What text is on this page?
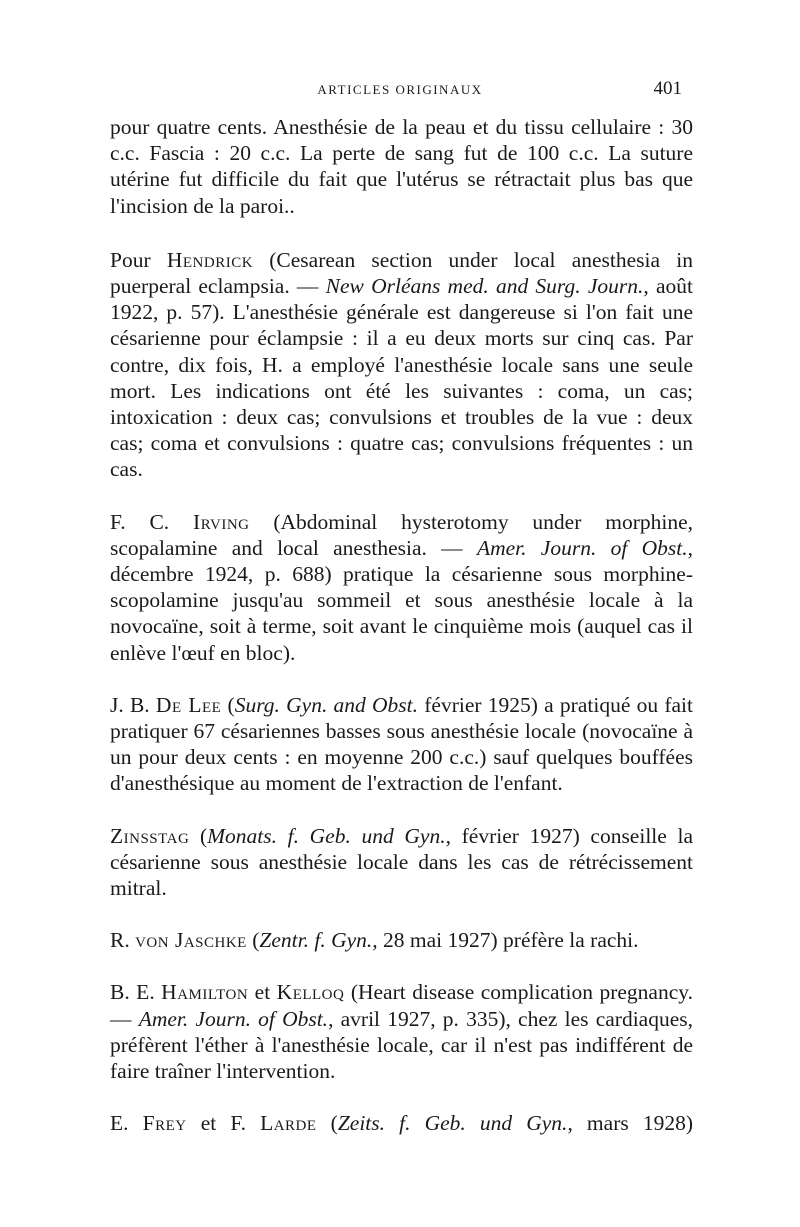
ARTICLES ORIGINAUX	401

pour quatre cents. Anesthésie de la peau et du tissu cellulaire : 30 c.c. Fascia : 20 c.c. La perte de sang fut de 100 c.c. La suture utérine fut difficile du fait que l'utérus se rétractait plus bas que l'incision de la paroi..

Pour Hendrick (Cesarean section under local anesthesia in puerperal eclampsia. — New Orléans med. and Surg. Journ., août 1922, p. 57). L'anesthésie générale est dangereuse si l'on fait une césarienne pour éclampsie : il a eu deux morts sur cinq cas. Par contre, dix fois, H. a employé l'anesthésie locale sans une seule mort. Les indications ont été les suivantes : coma, un cas; intoxication : deux cas; convulsions et troubles de la vue : deux cas; coma et convulsions : quatre cas; convulsions fréquentes : un cas.

F. C. Irving (Abdominal hysterotomy under morphine, scopalamine and local anesthesia. — Amer. Journ. of Obst., décembre 1924, p. 688) pratique la césarienne sous morphine-scopolamine jusqu'au sommeil et sous anesthésie locale à la novocaïne, soit à terme, soit avant le cinquième mois (auquel cas il enlève l'œuf en bloc).

J. B. De Lee (Surg. Gyn. and Obst. février 1925) a pratiqué ou fait pratiquer 67 césariennes basses sous anesthésie locale (novocaïne à un pour deux cents : en moyenne 200 c.c.) sauf quelques bouffées d'anesthésique au moment de l'extraction de l'enfant.

Zinsstag (Monats. f. Geb. und Gyn., février 1927) conseille la césarienne sous anesthésie locale dans les cas de rétrécissement mitral.

R. von Jaschke (Zentr. f. Gyn., 28 mai 1927) préfère la rachi.

B. E. Hamilton et Kelloq (Heart disease complication pregnancy. — Amer. Journ. of Obst., avril 1927, p. 335), chez les cardiaques, préfèrent l'éther à l'anesthésie locale, car il n'est pas indifférent de faire traîner l'intervention.

E. Frey et F. Larde (Zeits. f. Geb. und Gyn., mars 1928)
